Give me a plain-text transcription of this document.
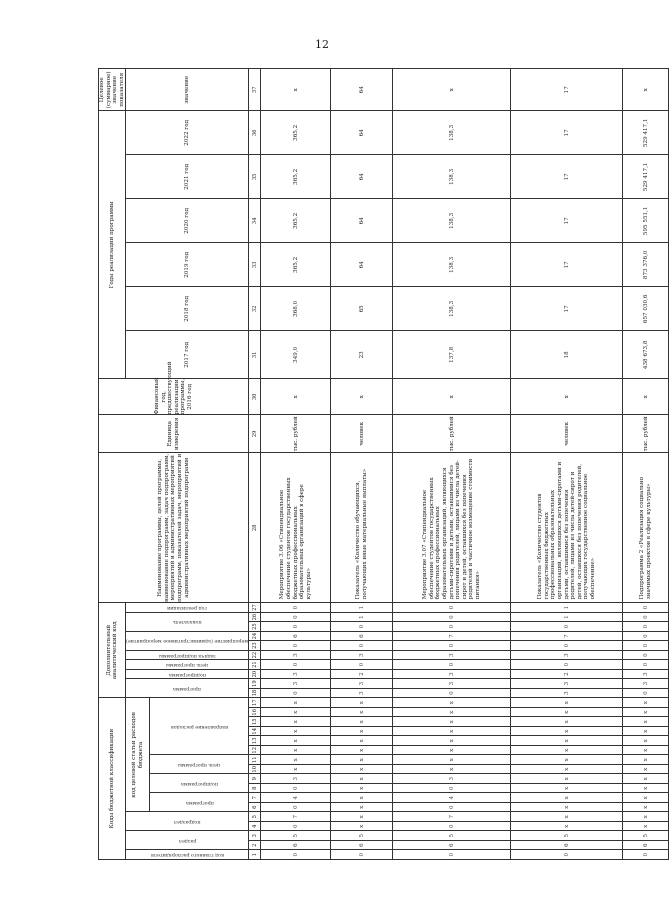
12
Коды бюджетной классификации																	Дополнительный аналитический код										Наименование программы, целей программы, наименование подпрограмм, задач подпрограмм, мероприятий и административных мероприятий подпрограмм, показателей задач, мероприятий и административных мероприятий подпрограмм	Единица измерения	Финансовый год, предшествующий реализации программы, 2016 год	Годы реализации программы						Целевое (суммарное) значение показателя

код главного распорядителя	раздел		подраздел		код целевой статьи расходов бюджета												программа		подпрограмма	цель программы	задача подпрограммы	мероприятие (административное мероприятие)		показатель		год реализации				2017 год	2018 год	2019 год	2020 год	2021 год	2022 год	значение

					программа		подпрограмма		цель программы		направление расходов																									

1	2	3	4	5	6	7	8	9	10	11	12	13	14	15	16	17	18	19	20	21	22	23	24	25	26	27	28	29	30	31	32	33	34	35	36	37
0	6	5	0	7	0	4	0	3	x	x	x	x	x	x	x	x	0	3	3	0	3	0	6	0	0	0	Мероприятие 3.06 «Стипендиальное обеспечение студентов государственных бюджетных профессиональных образовательных организаций в сфере культуры»	тыс. рублей	x	349,0	368,0	365,2	365,2	365,2	365,2	x
0	6	5	x	x	x	x	x	x	x	x	x	x	x	x	x	x	3	3	2	0	3	0	6	0	1	1	Показатель «Количество обучающихся, получающих иные материальные выплаты»	человек	x	23	65	64	64	64	64	64
0	6	5	0	7	0	4	0	3	x	x	x	x	x	x	x	x	0	3	3	0	3	0	7	0	0	0	Мероприятие 3.07 «Стипендиальное обеспечение студентов государственных бюджетных профессиональных образовательных организаций, являющихся детьми-сиротами и детьми, оставшимися без попечения родителей, лицами из числа детей-сирот и детей, оставшихся без попечения родителей и частичное возмещение стоимости питания»	тыс. рублей	x	137,8	138,3	138,3	138,3	138,3	138,3	x
0	6	5	x	x	x	x	x	x	x	x	x	x	x	x	x	x	3	3	2	0	3	0	7	0	1	1	Показатель «Количество студентов государственных бюджетных профессиональных образовательных организаций, являющихся детьми-сиротами и детьми, оставшимися без попечения родителей, лицами из числа детей-сирот и детей, оставшихся без попечения родителей, получающих государственное социальное обеспечение»	человек	x	18	17	17	17	17	17	17
0	6	5	x	x	x	x	x	x	x	x	x	x	x	x	x	x	0	3	3	0	0	0	0	0	0	0	Подпрограмма 2 «Реализация социально значимых проектов в сфере культуры»	тыс. рублей	x	438 673,8	657 030,6	873 376,0	595 551,1	529 417,1	529 417,1	x
